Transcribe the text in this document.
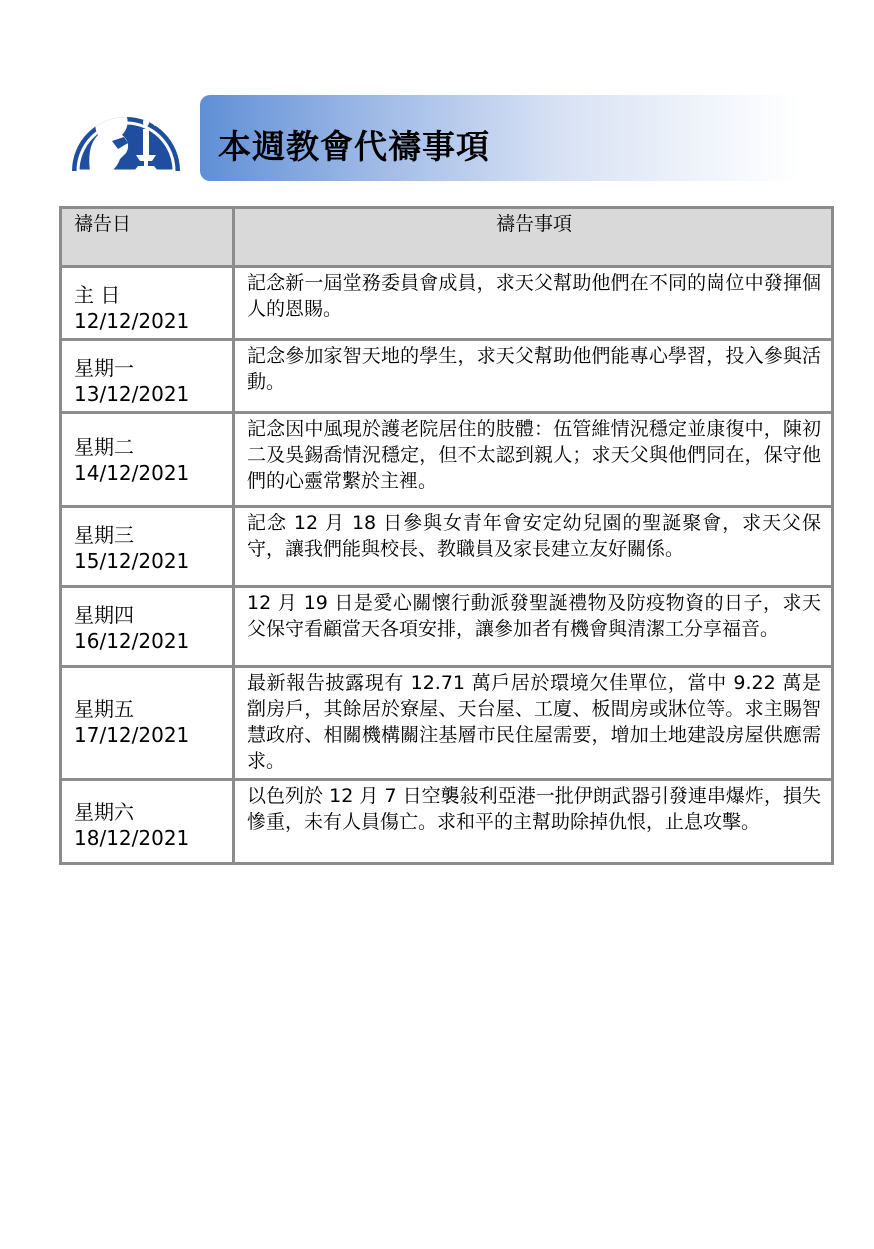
本週教會代禱事項
禱告日	禱告事項

主 日
12/12/2021	記念新一屆堂務委員會成員，求天父幫助他們在不同的崗位中發揮個人的恩賜。

星期一
13/12/2021	記念參加家智天地的學生，求天父幫助他們能專心學習，投入參與活動。

星期二
14/12/2021	記念因中風現於護老院居住的肢體：伍管維情況穩定並康復中，陳初二及吳錫喬情況穩定，但不太認到親人；求天父與他們同在，保守他們的心靈常繫於主裡。

星期三
15/12/2021	記念 12 月 18 日參與女青年會安定幼兒園的聖誕聚會，求天父保守，讓我們能與校長、教職員及家長建立友好關係。

星期四
16/12/2021	12 月 19 日是愛心關懷行動派發聖誕禮物及防疫物資的日子，求天父保守看顧當天各項安排，讓參加者有機會與清潔工分享福音。

星期五
17/12/2021	最新報告披露現有 12.71 萬戶居於環境欠佳單位，當中 9.22 萬是劏房戶，其餘居於寮屋、天台屋、工廈、板間房或牀位等。求主賜智慧政府、相關機構關注基層市民住屋需要，增加土地建設房屋供應需求。

星期六
18/12/2021	以色列於 12 月 7 日空襲敍利亞港一批伊朗武器引發連串爆炸，損失慘重，未有人員傷亡。求和平的主幫助除掉仇恨，止息攻擊。
